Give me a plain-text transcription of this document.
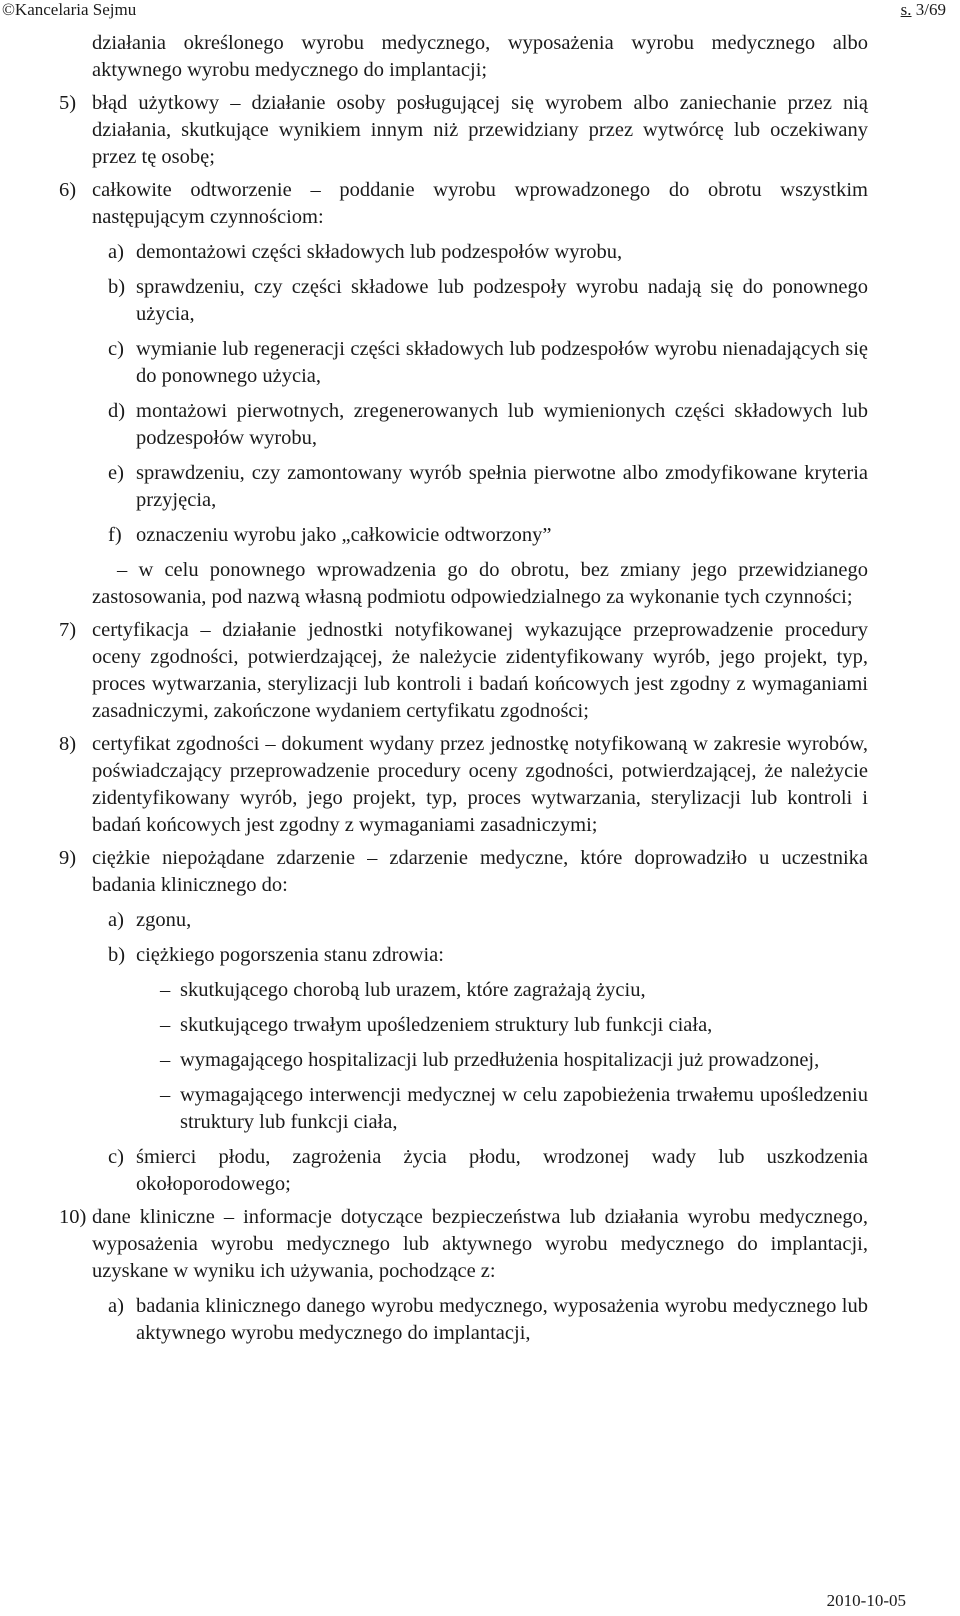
©Kancelaria Sejmu	s. 3/69
działania określonego wyrobu medycznego, wyposażenia wyrobu medycznego albo aktywnego wyrobu medycznego do implantacji;
5) błąd użytkowy – działanie osoby posługującej się wyrobem albo zaniechanie przez nią działania, skutkujące wynikiem innym niż przewidziany przez wytwórcę lub oczekiwany przez tę osobę;
6) całkowite odtworzenie – poddanie wyrobu wprowadzonego do obrotu wszystkim następującym czynnościom:
a) demontażowi części składowych lub podzespołów wyrobu,
b) sprawdzeniu, czy części składowe lub podzespoły wyrobu nadają się do ponownego użycia,
c) wymianie lub regeneracji części składowych lub podzespołów wyrobu nienadających się do ponownego użycia,
d) montażowi pierwotnych, zregenerowanych lub wymienionych części składowych lub podzespołów wyrobu,
e) sprawdzeniu, czy zamontowany wyrób spełnia pierwotne albo zmodyfikowane kryteria przyjęcia,
f) oznaczeniu wyrobu jako „całkowicie odtworzony”
– w celu ponownego wprowadzenia go do obrotu, bez zmiany jego przewidzianego zastosowania, pod nazwą własną podmiotu odpowiedzialnego za wykonanie tych czynności;
7) certyfikacja – działanie jednostki notyfikowanej wykazujące przeprowadzenie procedury oceny zgodności, potwierdzającej, że należycie zidentyfikowany wyrób, jego projekt, typ, proces wytwarzania, sterylizacji lub kontroli i badań końcowych jest zgodny z wymaganiami zasadniczymi, zakończone wydaniem certyfikatu zgodności;
8) certyfikat zgodności – dokument wydany przez jednostkę notyfikowaną w zakresie wyrobów, poświadczający przeprowadzenie procedury oceny zgodności, potwierdzającej, że należycie zidentyfikowany wyrób, jego projekt, typ, proces wytwarzania, sterylizacji lub kontroli i badań końcowych jest zgodny z wymaganiami zasadniczymi;
9) ciężkie niepożądane zdarzenie – zdarzenie medyczne, które doprowadziło u uczestnika badania klinicznego do:
a) zgonu,
b) ciężkiego pogorszenia stanu zdrowia:
– skutkującego chorobą lub urazem, które zagrażają życiu,
– skutkującego trwałym upośledzeniem struktury lub funkcji ciała,
– wymagającego hospitalizacji lub przedłużenia hospitalizacji już prowadzonej,
– wymagającego interwencji medycznej w celu zapobieżenia trwałemu upośledzeniu struktury lub funkcji ciała,
c) śmierci płodu, zagrożenia życia płodu, wrodzonej wady lub uszkodzenia okołoporodowego;
10) dane kliniczne – informacje dotyczące bezpieczeństwa lub działania wyrobu medycznego, wyposażenia wyrobu medycznego lub aktywnego wyrobu medycznego do implantacji, uzyskane w wyniku ich używania, pochodzące z:
a) badania klinicznego danego wyrobu medycznego, wyposażenia wyrobu medycznego lub aktywnego wyrobu medycznego do implantacji,
2010-10-05
